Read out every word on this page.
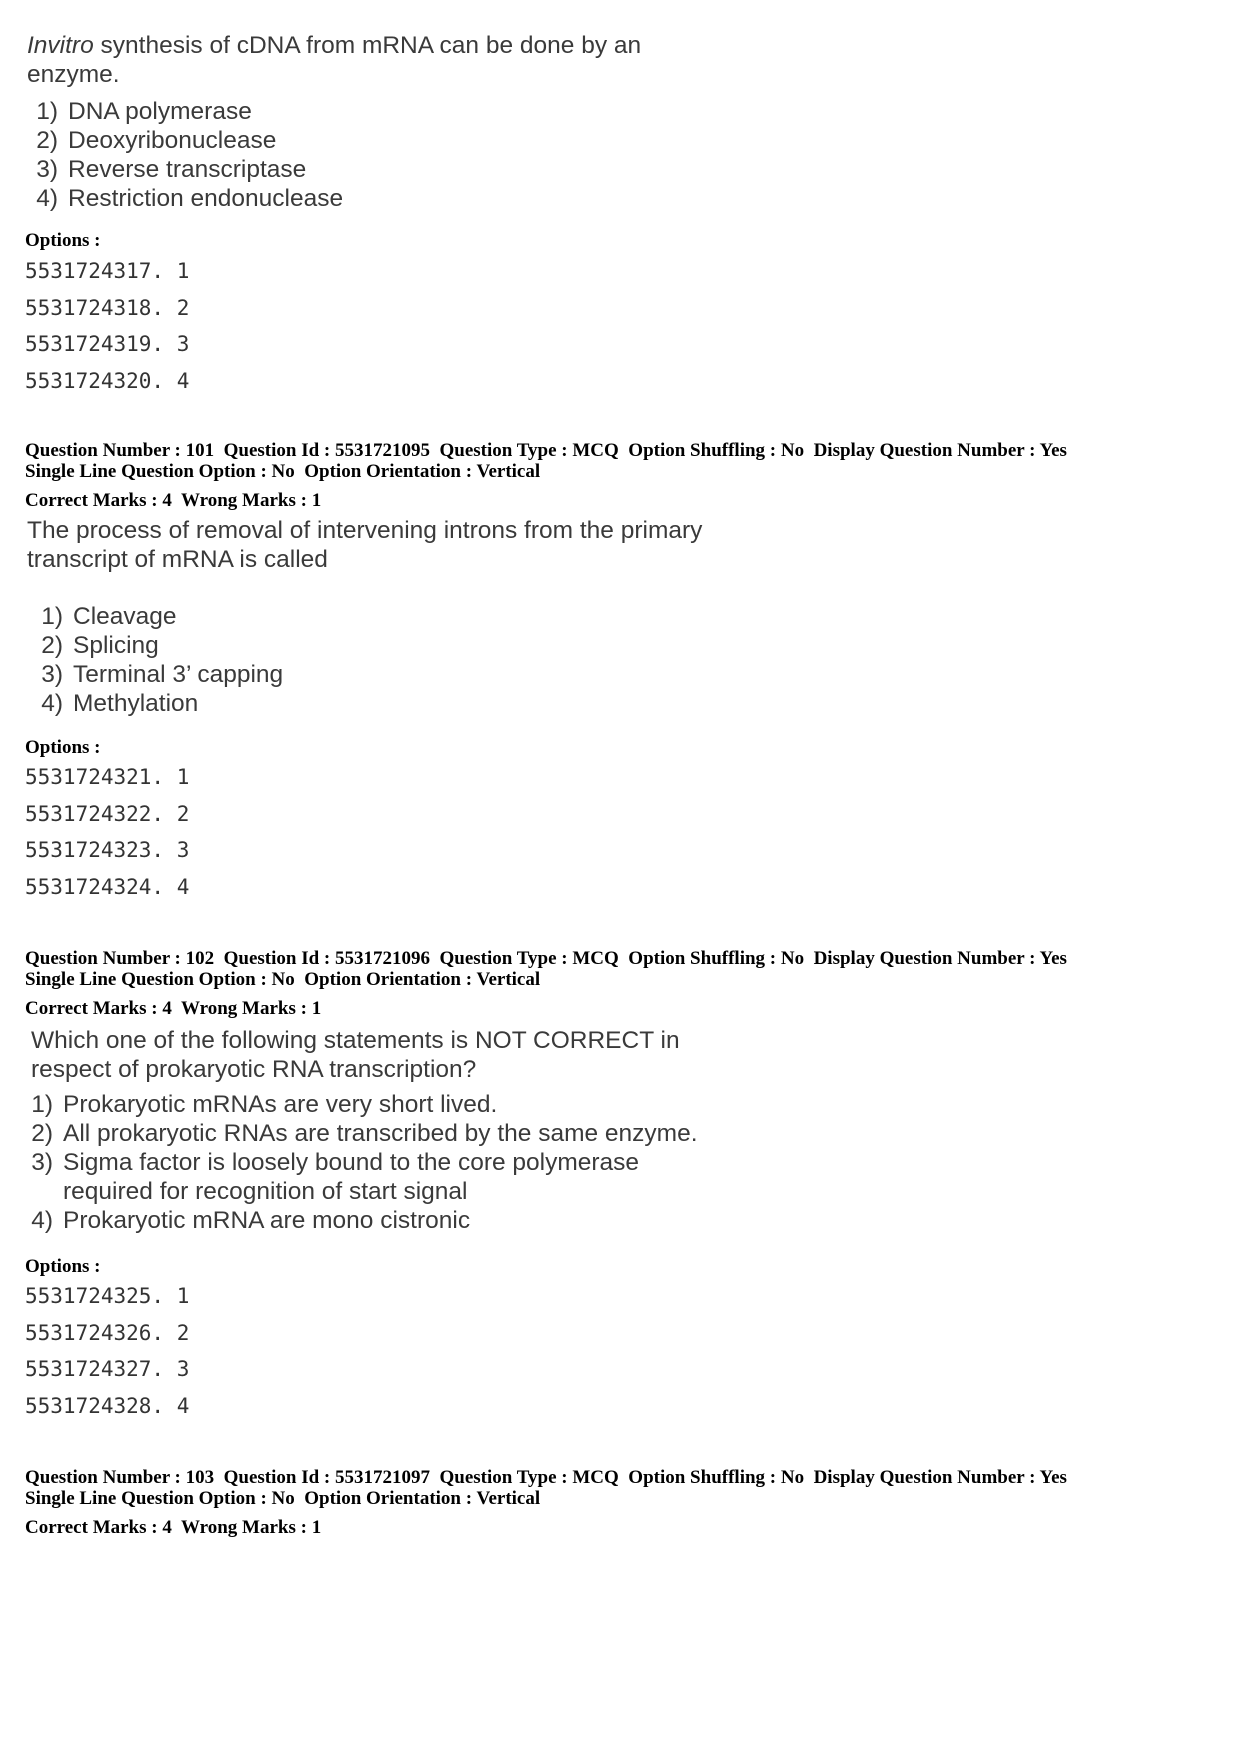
Invitro synthesis of cDNA from mRNA can be done by an
enzyme.
1) DNA polymerase
2) Deoxyribonuclease
3) Reverse transcriptase
4) Restriction endonuclease
Options :
5531724317. 1
5531724318. 2
5531724319. 3
5531724320. 4
Question Number : 101  Question Id : 5531721095  Question Type : MCQ  Option Shuffling : No  Display Question Number : Yes
Single Line Question Option : No  Option Orientation : Vertical
Correct Marks : 4  Wrong Marks : 1
The process of removal of intervening introns from the primary
transcript of mRNA is called
1) Cleavage
2) Splicing
3) Terminal 3’ capping
4) Methylation
Options :
5531724321. 1
5531724322. 2
5531724323. 3
5531724324. 4
Question Number : 102  Question Id : 5531721096  Question Type : MCQ  Option Shuffling : No  Display Question Number : Yes
Single Line Question Option : No  Option Orientation : Vertical
Correct Marks : 4  Wrong Marks : 1
Which one of the following statements is NOT CORRECT in
respect of prokaryotic RNA transcription?
1) Prokaryotic mRNAs are very short lived.
2) All prokaryotic RNAs are transcribed by the same enzyme.
3) Sigma factor is loosely bound to the core polymerase
required for recognition of start signal
4) Prokaryotic mRNA are mono cistronic
Options :
5531724325. 1
5531724326. 2
5531724327. 3
5531724328. 4
Question Number : 103  Question Id : 5531721097  Question Type : MCQ  Option Shuffling : No  Display Question Number : Yes
Single Line Question Option : No  Option Orientation : Vertical
Correct Marks : 4  Wrong Marks : 1
